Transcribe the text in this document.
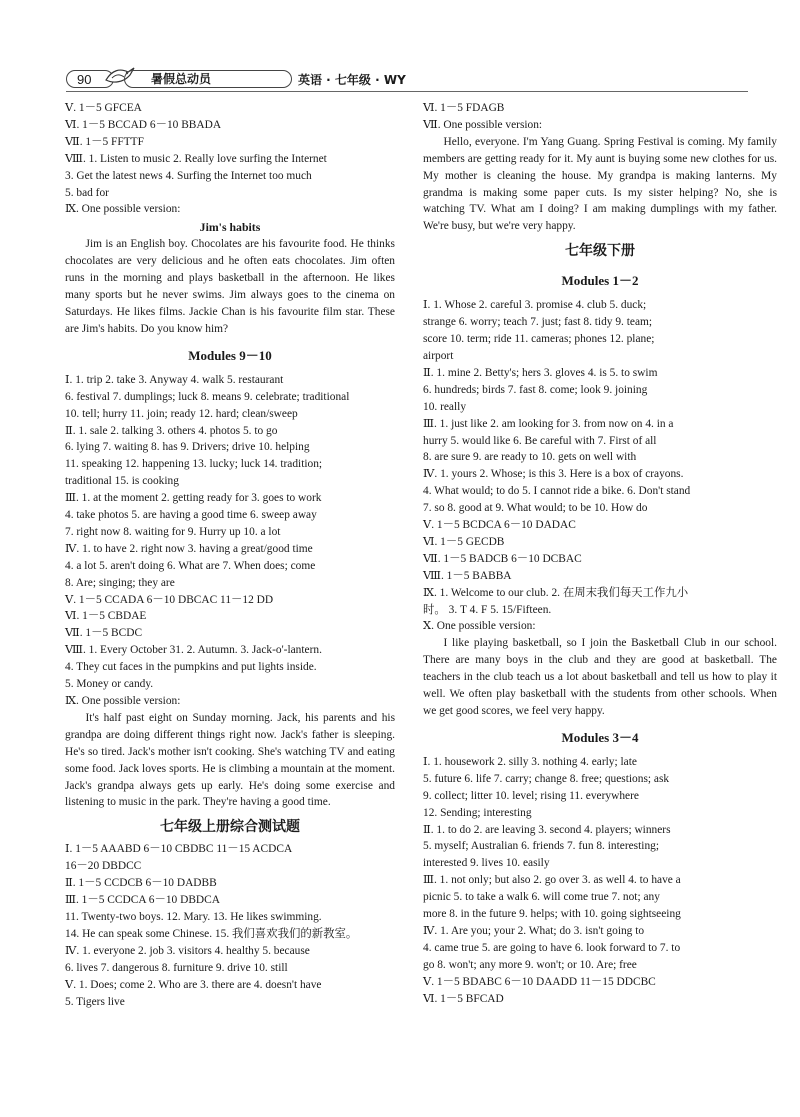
90	暑假总动员	英语 · 七年级 · WY

Ⅴ. 1－5 GFCEA

Ⅵ. 1－5 BCCAD 6－10 BBADA

Ⅶ. 1－5 FFTTF

Ⅷ. 1. Listen to music 2. Really love surfing the Internet

3. Get the latest news 4. Surfing the Internet too much

5. bad for

Ⅸ. One possible version:

Jim's habits

Jim is an English boy. Chocolates are his favourite food. He thinks chocolates are very delicious and he often eats chocolates. Jim often runs in the morning and plays basketball in the afternoon. He likes many sports but he never swims. Jim always goes to the cinema on Saturdays. He likes films. Jackie Chan is his favourite film star. These are Jim's habits. Do you know him?

Modules 9－10

Ⅰ. 1. trip 2. take 3. Anyway 4. walk 5. restaurant

6. festival 7. dumplings; luck 8. means 9. celebrate; traditional

10. tell; hurry 11. join; ready 12. hard; clean/sweep

Ⅱ. 1. sale 2. talking 3. others 4. photos 5. to go

6. lying 7. waiting 8. has 9. Drivers; drive 10. helping

11. speaking 12. happening 13. lucky; luck 14. tradition;

traditional 15. is cooking

Ⅲ. 1. at the moment 2. getting ready for 3. goes to work

4. take photos 5. are having a good time 6. sweep away

7. right now 8. waiting for 9. Hurry up 10. a lot

Ⅳ. 1. to have 2. right now 3. having a great/good time

4. a lot 5. aren't doing 6. What are 7. When does; come

8. Are; singing; they are

Ⅴ. 1－5 CCADA 6－10 DBCAC 11－12 DD

Ⅵ. 1－5 CBDAE

Ⅶ. 1－5 BCDC

Ⅷ. 1. Every October 31. 2. Autumn. 3. Jack-o'-lantern.

4. They cut faces in the pumpkins and put lights inside.

5. Money or candy.

Ⅸ. One possible version:

It's half past eight on Sunday morning. Jack, his parents and his grandpa are doing different things right now. Jack's father is sleeping. He's so tired. Jack's mother isn't cooking. She's watching TV and eating some food. Jack loves sports. He is climbing a mountain at the moment. Jack's grandpa always gets up early. He's doing some exercise and listening to music in the park. They're having a good time.

七年级上册综合测试题

Ⅰ. 1－5 AAABD 6－10 CBDBC 11－15 ACDCA

16－20 DBDCC

Ⅱ. 1－5 CCDCB 6－10 DADBB

Ⅲ. 1－5 CCDCA 6－10 DBDCA

11. Twenty-two boys. 12. Mary. 13. He likes swimming.

14. He can speak some Chinese. 15. 我们喜欢我们的新教室。

Ⅳ. 1. everyone 2. job 3. visitors 4. healthy 5. because

6. lives 7. dangerous 8. furniture 9. drive 10. still

Ⅴ. 1. Does; come 2. Who are 3. there are 4. doesn't have

5. Tigers live

Ⅵ. 1－5 FDAGB

Ⅶ. One possible version:

Hello, everyone. I'm Yang Guang. Spring Festival is coming. My family members are getting ready for it. My aunt is buying some new clothes for us. My mother is cleaning the house. My grandpa is making lanterns. My grandma is making some paper cuts. Is my sister helping? No, she is watching TV. What am I doing? I am making dumplings with my father. We're busy, but we're very happy.

七年级下册
Modules 1－2

Ⅰ. 1. Whose 2. careful 3. promise 4. club 5. duck;

strange 6. worry; teach 7. just; fast 8. tidy 9. team;

score 10. term; ride 11. cameras; phones 12. plane;

airport

Ⅱ. 1. mine 2. Betty's; hers 3. gloves 4. is 5. to swim

6. hundreds; birds 7. fast 8. come; look 9. joining

10. really

Ⅲ. 1. just like 2. am looking for 3. from now on 4. in a

hurry 5. would like 6. Be careful with 7. First of all

8. are sure 9. are ready to 10. gets on well with

Ⅳ. 1. yours 2. Whose; is this 3. Here is a box of crayons.

4. What would; to do 5. I cannot ride a bike. 6. Don't stand

7. so 8. good at 9. What would; to be 10. How do

Ⅴ. 1－5 BCDCA 6－10 DADAC

Ⅵ. 1－5 GECDB

Ⅶ. 1－5 BADCB 6－10 DCBAC

Ⅷ. 1－5 BABBA

Ⅸ. 1. Welcome to our club. 2. 在周末我们每天工作九小

时。 3. T 4. F 5. 15/Fifteen.

Ⅹ. One possible version:

I like playing basketball, so I join the Basketball Club in our school. There are many boys in the club and they are good at basketball. The teachers in the club teach us a lot about basketball and tell us how to play it well. We often play basketball with the students from other schools. When we get good scores, we feel very happy.

Modules 3－4

Ⅰ. 1. housework 2. silly 3. nothing 4. early; late

5. future 6. life 7. carry; change 8. free; questions; ask

9. collect; litter 10. level; rising 11. everywhere

12. Sending; interesting

Ⅱ. 1. to do 2. are leaving 3. second 4. players; winners

5. myself; Australian 6. friends 7. fun 8. interesting;

interested 9. lives 10. easily

Ⅲ. 1. not only; but also 2. go over 3. as well 4. to have a

picnic 5. to take a walk 6. will come true 7. not; any

more 8. in the future 9. helps; with 10. going sightseeing

Ⅳ. 1. Are you; your 2. What; do 3. isn't going to

4. came true 5. are going to have 6. look forward to 7. to

go 8. won't; any more 9. won't; or 10. Are; free

Ⅴ. 1－5 BDABC 6－10 DAADD 11－15 DDCBC

Ⅵ. 1－5 BFCAD
